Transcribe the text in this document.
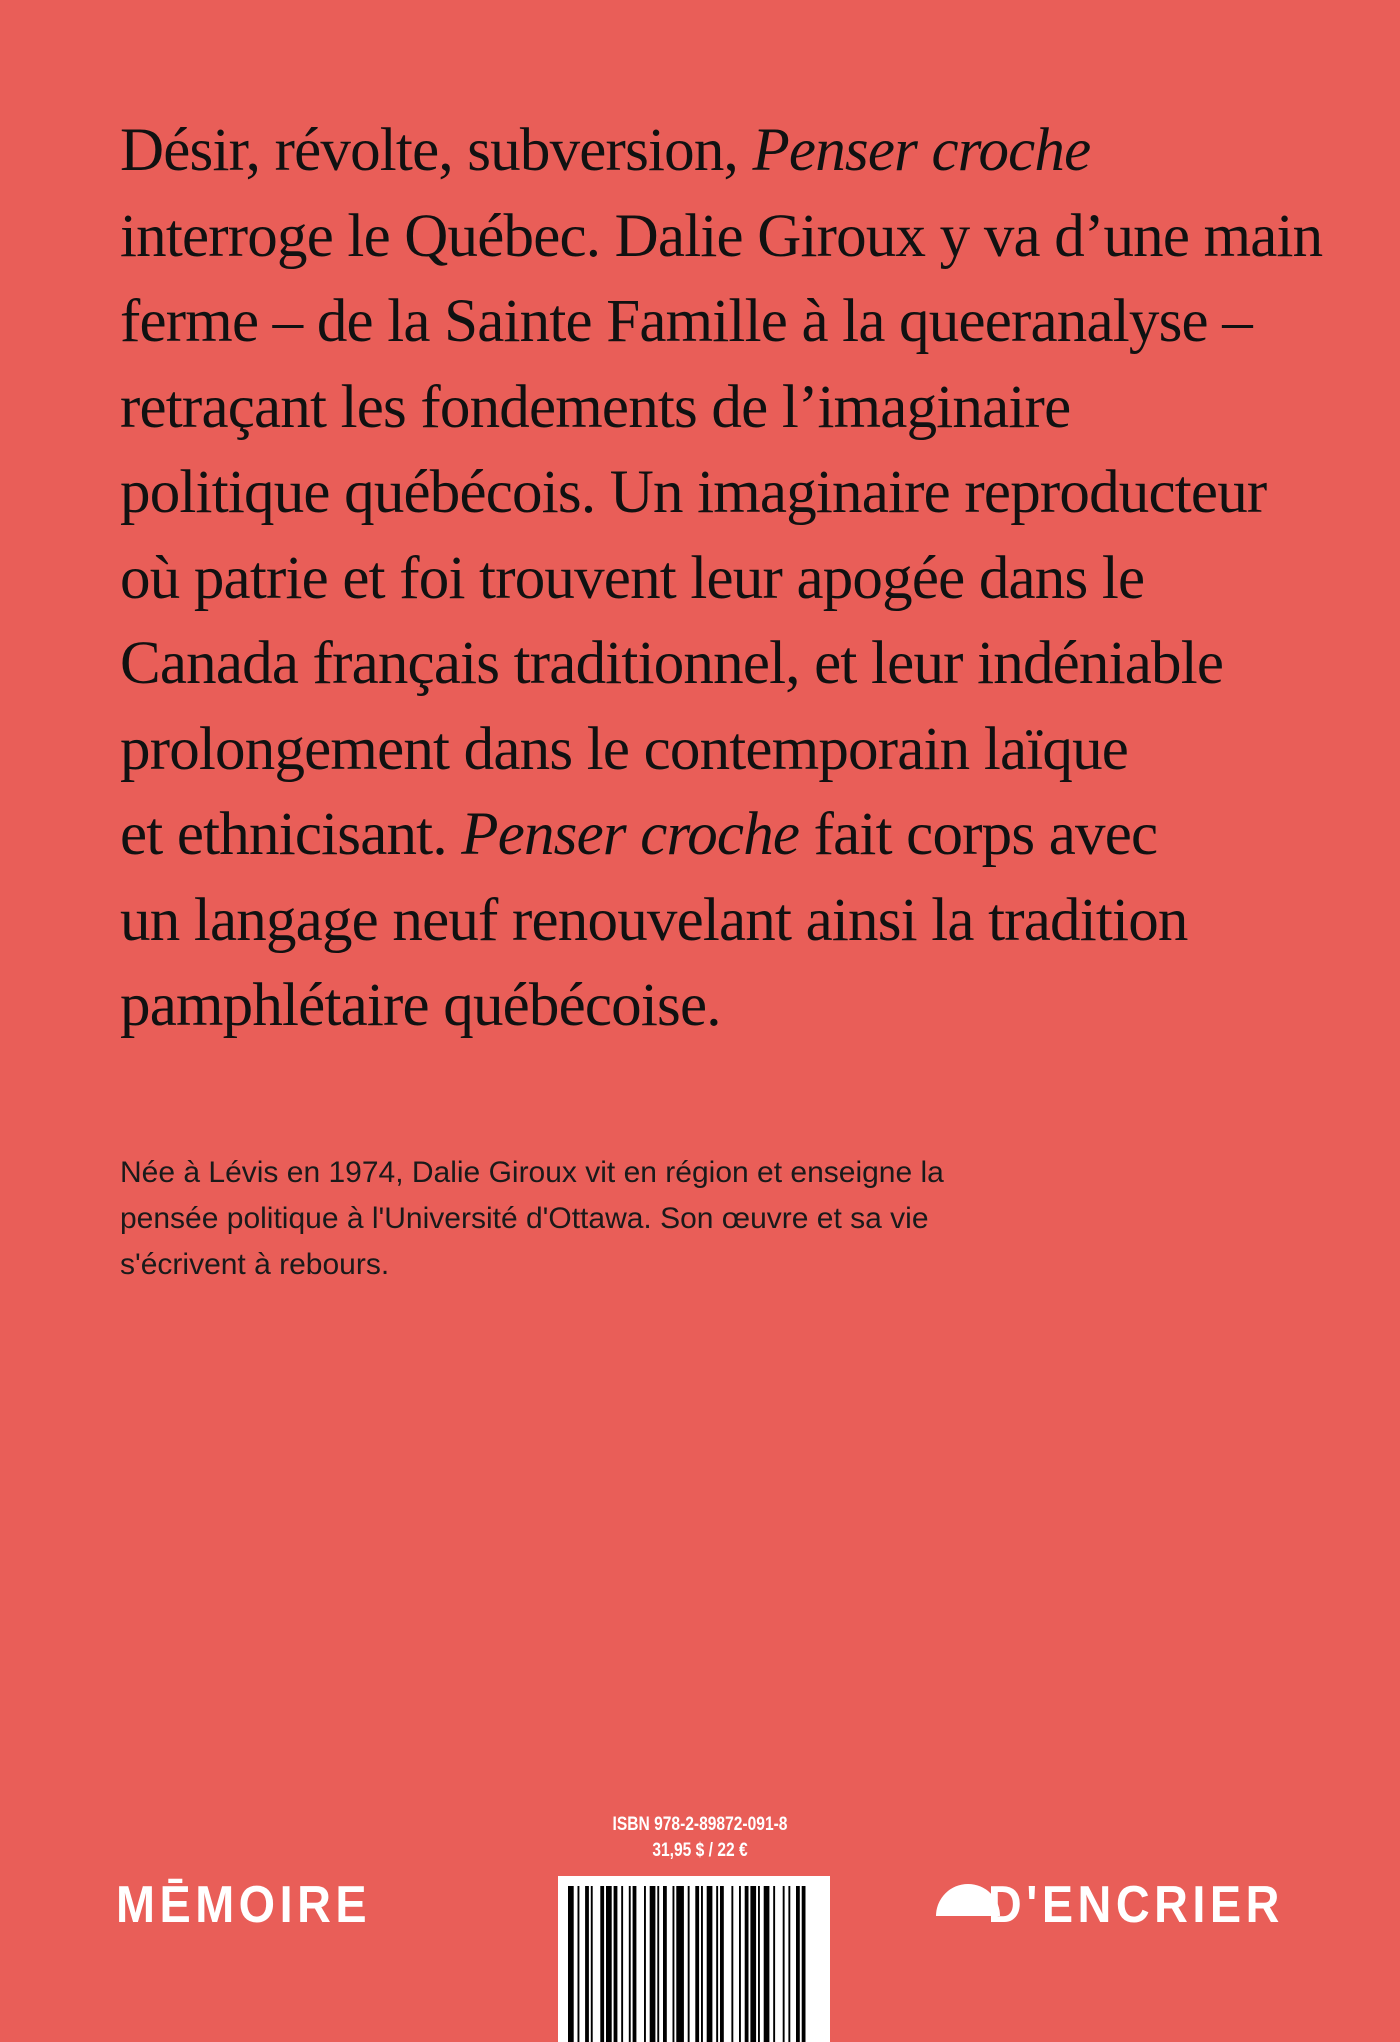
Désir, révolte, subversion, Penser croche
interroge le Québec. Dalie Giroux y va d’une main
ferme – de la Sainte Famille à la queeranalyse –
retraçant les fondements de l’imaginaire
politique québécois. Un imaginaire reproducteur
où patrie et foi trouvent leur apogée dans le
Canada français traditionnel, et leur indéniable
prolongement dans le contemporain laïque
et ethnicisant. Penser croche fait corps avec
un langage neuf renouvelant ainsi la tradition
pamphlétaire québécoise.
Née à Lévis en 1974, Dalie Giroux vit en région et enseigne la
pensée politique à l'Université d'Ottawa. Son œuvre et sa vie
s'écrivent à rebours.
ISBN 978-2-89872-091-8
31,95 $ / 22 €
MĒMOIRE	D'ENCRIER
